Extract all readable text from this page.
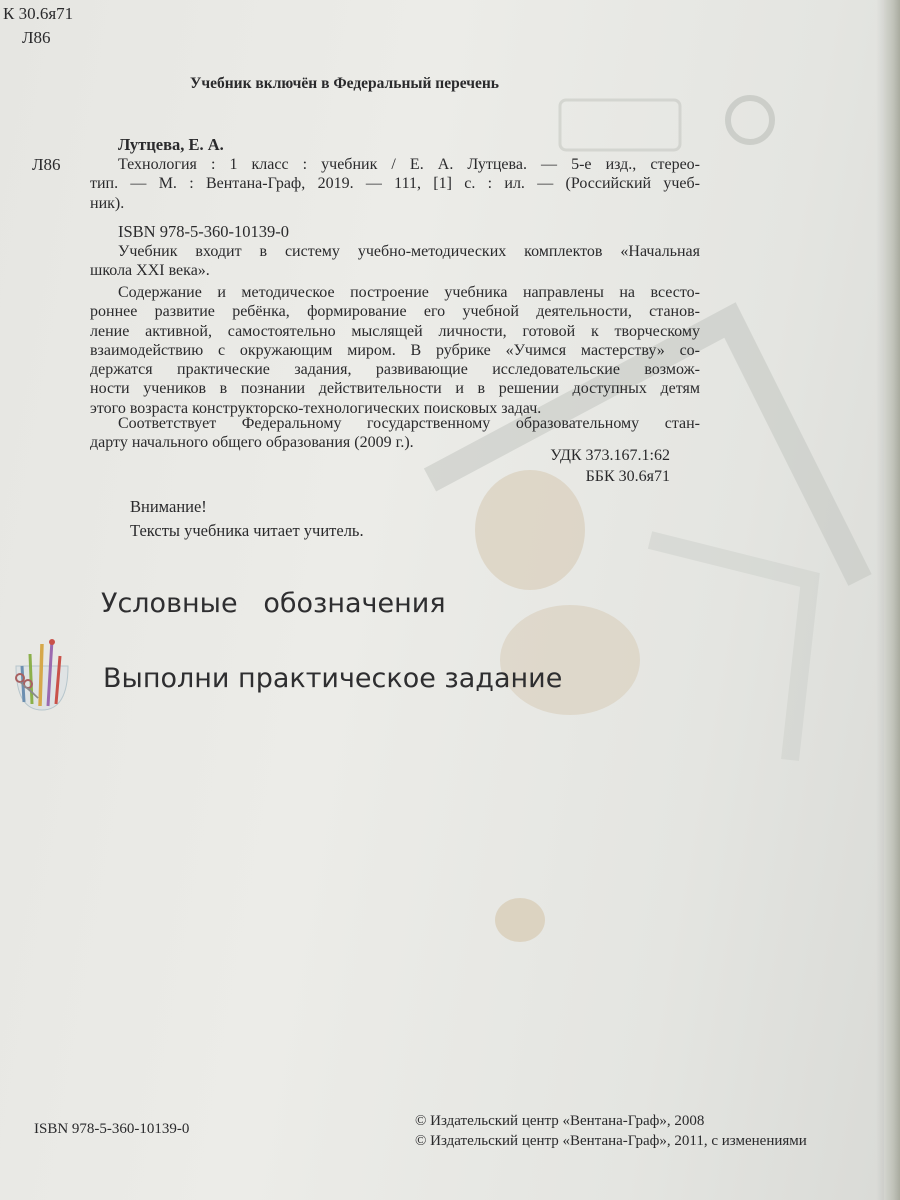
К 30.6я71
Л86
Учебник включён в Федеральный перечень
Лутцева, Е. А.
Л86	Технология : 1 класс : учебник / Е. А. Лутцева. — 5-е изд., стерео-

тип. — М. : Вентана-Граф, 2019. — 111, [1] с. : ил. — (Российский учеб-

ник).

ISBN 978-5-360-10139-0

Учебник входит в систему учебно-методических комплектов «Начальная

школа XXI века».

Содержание и методическое построение учебника направлены на всесто-

роннее развитие ребёнка, формирование его учебной деятельности, станов-

ление активной, самостоятельно мыслящей личности, готовой к творческому

взаимодействию с окружающим миром. В рубрике «Учимся мастерству» со-

держатся практические задания, развивающие исследовательские возмож-

ности учеников в познании действительности и в решении доступных детям

этого возраста конструкторско-технологических поисковых задач.

Соответствует Федеральному государственному образовательному стан-

дарту начального общего образования (2009 г.).

УДК 373.167.1:62
ББК 30.6я71
Внимание!
Тексты учебника читает учитель.
Условные   обозначения
Выполни практическое задание
ISBN 978-5-360-10139-0	© Издательский центр «Вентана-Граф», 2008
© Издательский центр «Вентана-Граф», 2011, с изменениями
